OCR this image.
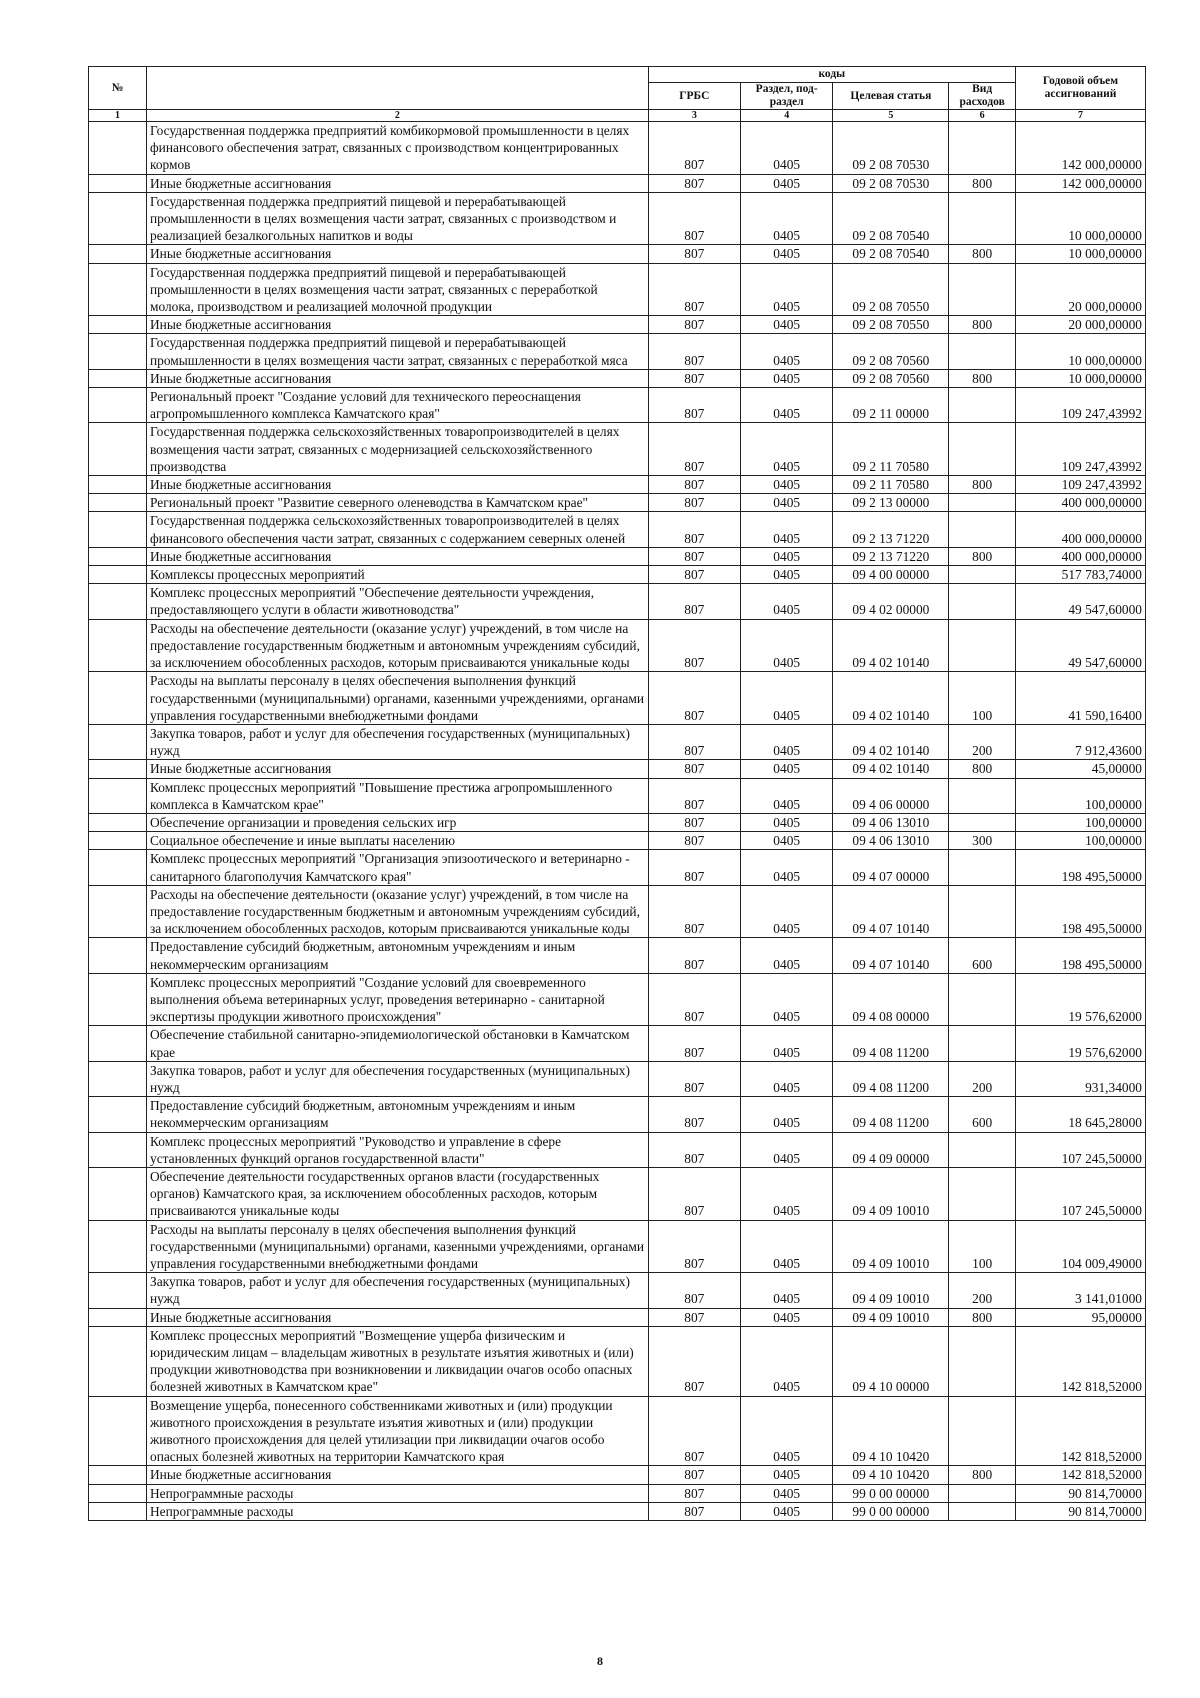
№		коды				Годовой объем ассигнований
		ГРБС	Раздел, под-раздел	Целевая статья	Вид расходов	
1	2	3	4	5	6	7
	Государственная поддержка предприятий комбикормовой промышленности в целях финансового обеспечения затрат, связанных с производством концентрированных кормов	807	0405	09 2 08 70530		142 000,00000
	Иные бюджетные ассигнования	807	0405	09 2 08 70530	800	142 000,00000
	Государственная поддержка предприятий пищевой и перерабатывающей промышленности в целях возмещения части затрат, связанных с производством и реализацией безалкогольных напитков и воды	807	0405	09 2 08 70540		10 000,00000
	Иные бюджетные ассигнования	807	0405	09 2 08 70540	800	10 000,00000
	Государственная поддержка предприятий пищевой и перерабатывающей промышленности в целях возмещения части затрат, связанных с переработкой молока, производством и реализацией молочной продукции	807	0405	09 2 08 70550		20 000,00000
	Иные бюджетные ассигнования	807	0405	09 2 08 70550	800	20 000,00000
	Государственная поддержка предприятий пищевой и перерабатывающей промышленности в целях возмещения части затрат, связанных с переработкой мяса	807	0405	09 2 08 70560		10 000,00000
	Иные бюджетные ассигнования	807	0405	09 2 08 70560	800	10 000,00000
	Региональный проект "Создание условий для технического переоснащения агропромышленного комплекса Камчатского края"	807	0405	09 2 11 00000		109 247,43992
	Государственная поддержка сельскохозяйственных товаропроизводителей в целях возмещения части затрат, связанных с модернизацией сельскохозяйственного производства	807	0405	09 2 11 70580		109 247,43992
	Иные бюджетные ассигнования	807	0405	09 2 11 70580	800	109 247,43992
	Региональный проект "Развитие северного оленеводства в Камчатском крае"	807	0405	09 2 13 00000		400 000,00000
	Государственная поддержка сельскохозяйственных товаропроизводителей в целях финансового обеспечения части затрат, связанных с содержанием северных оленей	807	0405	09 2 13 71220		400 000,00000
	Иные бюджетные ассигнования	807	0405	09 2 13 71220	800	400 000,00000
	Комплексы процессных мероприятий	807	0405	09 4 00 00000		517 783,74000
	Комплекс процессных мероприятий "Обеспечение деятельности учреждения, предоставляющего услуги в области животноводства"	807	0405	09 4 02 00000		49 547,60000
	Расходы на обеспечение деятельности (оказание услуг) учреждений, в том числе на предоставление государственным бюджетным и автономным учреждениям субсидий, за исключением обособленных расходов, которым присваиваются уникальные коды	807	0405	09 4 02 10140		49 547,60000
	Расходы на выплаты персоналу в целях обеспечения выполнения функций государственными (муниципальными) органами, казенными учреждениями, органами управления государственными внебюджетными фондами	807	0405	09 4 02 10140	100	41 590,16400
	Закупка товаров, работ и услуг для обеспечения государственных (муниципальных) нужд	807	0405	09 4 02 10140	200	7 912,43600
	Иные бюджетные ассигнования	807	0405	09 4 02 10140	800	45,00000
	Комплекс процессных мероприятий "Повышение престижа агропромышленного комплекса в Камчатском крае"	807	0405	09 4 06 00000		100,00000
	Обеспечение организации и проведения сельских игр	807	0405	09 4 06 13010		100,00000
	Социальное обеспечение и иные выплаты населению	807	0405	09 4 06 13010	300	100,00000
	Комплекс процессных мероприятий "Организация эпизоотического и ветеринарно - санитарного благополучия Камчатского края"	807	0405	09 4 07 00000		198 495,50000
	Расходы на обеспечение деятельности (оказание услуг) учреждений, в том числе на предоставление государственным бюджетным и автономным учреждениям субсидий, за исключением обособленных расходов, которым присваиваются уникальные коды	807	0405	09 4 07 10140		198 495,50000
	Предоставление субсидий бюджетным, автономным учреждениям и иным некоммерческим организациям	807	0405	09 4 07 10140	600	198 495,50000
	Комплекс процессных мероприятий "Создание условий для своевременного выполнения объема ветеринарных услуг, проведения ветеринарно - санитарной экспертизы продукции животного происхождения"	807	0405	09 4 08 00000		19 576,62000
	Обеспечение стабильной санитарно-эпидемиологической обстановки в Камчатском крае	807	0405	09 4 08 11200		19 576,62000
	Закупка товаров, работ и услуг для обеспечения государственных (муниципальных) нужд	807	0405	09 4 08 11200	200	931,34000
	Предоставление субсидий бюджетным, автономным учреждениям и иным некоммерческим организациям	807	0405	09 4 08 11200	600	18 645,28000
	Комплекс процессных мероприятий "Руководство и управление в сфере установленных функций органов государственной власти"	807	0405	09 4 09 00000		107 245,50000
	Обеспечение деятельности государственных органов власти (государственных органов) Камчатского края, за исключением обособленных расходов, которым присваиваются уникальные коды	807	0405	09 4 09 10010		107 245,50000
	Расходы на выплаты персоналу в целях обеспечения выполнения функций государственными (муниципальными) органами, казенными учреждениями, органами управления государственными внебюджетными фондами	807	0405	09 4 09 10010	100	104 009,49000
	Закупка товаров, работ и услуг для обеспечения государственных (муниципальных) нужд	807	0405	09 4 09 10010	200	3 141,01000
	Иные бюджетные ассигнования	807	0405	09 4 09 10010	800	95,00000
	Комплекс процессных мероприятий "Возмещение ущерба физическим и юридическим лицам – владельцам животных в результате изъятия животных и (или) продукции животноводства при возникновении и ликвидации очагов особо опасных болезней животных в Камчатском крае"	807	0405	09 4 10 00000		142 818,52000
	Возмещение ущерба, понесенного собственниками животных и (или) продукции животного происхождения в результате изъятия животных и (или) продукции животного происхождения для целей утилизации при ликвидации очагов особо опасных болезней животных на территории Камчатского края	807	0405	09 4 10 10420		142 818,52000
	Иные бюджетные ассигнования	807	0405	09 4 10 10420	800	142 818,52000
	Непрограммные расходы	807	0405	99 0 00 00000		90 814,70000
	Непрограммные расходы	807	0405	99 0 00 00000		90 814,70000
8
